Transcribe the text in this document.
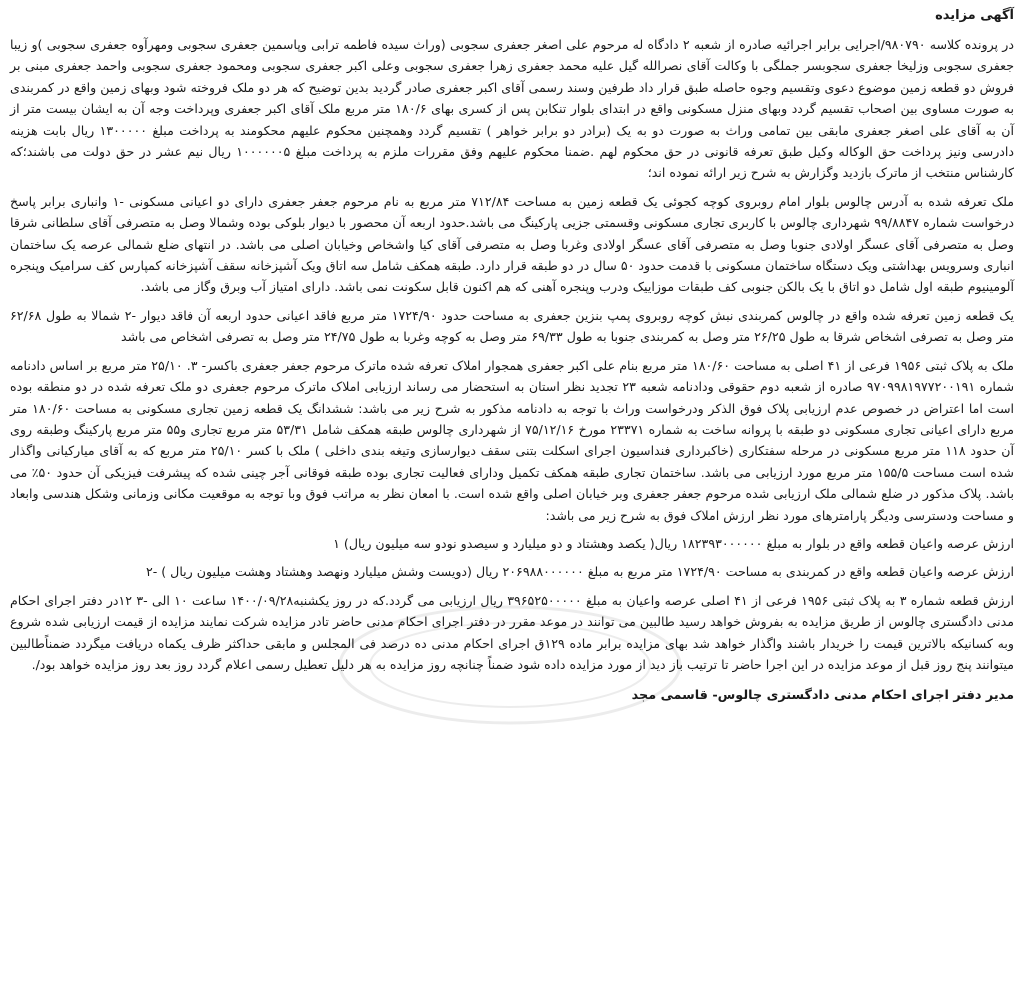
آگهی مزایده

در پرونده کلاسه ۹۸۰۷۹۰/اجرایی برابر اجرائیه صادره از شعبه ۲ دادگاه له مرحوم علی اصغر جعفری سجوبی (وراث سیده فاطمه ترابی وپاسمین جعفری سجوبی ومهرآوه جعفری سجوبی )و زیبا جعفری سجوبی وزلیخا جعفری سجوبسر جملگی با وکالت آقای نصرالله گیل علیه محمد جعفری زهرا جعفری سجوبی وعلی اکبر جعفری سجوبی ومحمود جعفری سجوبی واحمد جعفری مبنی بر فروش دو قطعه زمین موضوع دعوی وتقسیم وجوه حاصله طبق قرار داد طرفین وسند رسمی آقای اکبر جعفری صادر گردید بدین توضیح که هر دو ملک فروخته شود وبهای زمین واقع در کمربندی به صورت مساوی بین اصحاب تقسیم گردد وبهای منزل مسکونی واقع در ابتدای بلوار تنکابن پس از کسری بهای ۱۸۰/۶ متر مربع ملک آقای اکبر جعفری وپرداخت وجه آن به ایشان بیست متر از آن به آقای علی اصغر جعفری مابقی بین تمامی وراث به صورت دو به یک (برادر دو برابر خواهر ) تقسیم گردد وهمچنین محکوم علیهم محکومند به پرداخت مبلغ ۱۳۰۰۰۰۰ ریال بابت هزینه دادرسی ونیز پرداخت حق الوکاله وکیل طبق تعرفه قانونی در حق محکوم لهم .ضمنا محکوم علیهم وفق مقررات ملزم به پرداخت مبلغ ۱۰۰۰۰۰۰۵ ریال نیم عشر در حق دولت می باشند؛که کارشناس منتخب از ماترک بازدید وگزارش به شرح زیر ارائه نموده اند؛

ملک تعرفه شده به آدرس چالوس بلوار امام روبروی کوچه کجوئی یک قطعه زمین به مساحت ۷۱۲/۸۴ متر مربع به نام مرحوم جعفر جعفری دارای دو اعیانی مسکونی -۱ وانباری برابر پاسخ درخواست شماره ۹۹/۸۸۴۷ شهرداری چالوس با کاربری تجاری مسکونی وقسمتی جزیی پارکینگ می باشد.حدود اربعه آن محصور با دیوار بلوکی بوده وشمالا وصل به متصرفی آقای سلطانی شرقا وصل به متصرفی آقای عسگر اولادی جنوبا وصل به متصرفی آقای عسگر اولادی وغربا وصل به متصرفی آقای کیا واشخاص وخیابان اصلی می باشد. در انتهای ضلع شمالی عرصه یک ساختمان انباری وسرویس بهداشتی ویک دستگاه ساختمان مسکونی با قدمت حدود ۵۰ سال در دو طبقه قرار دارد. طبقه همکف شامل سه اتاق ویک آشپزخانه سقف آشپزخانه کمپارس کف سرامیک وپنجره آلومینیوم طبقه اول شامل دو اتاق با یک بالکن جنوبی کف طبقات موزاییک ودرب وپنجره آهنی که هم اکنون قابل سکونت نمی باشد. دارای امتیاز آب وبرق وگاز می باشد.

یک قطعه زمین تعرفه شده واقع در چالوس کمربندی نبش کوچه روبروی پمپ بنزین جعفری به مساحت حدود ۱۷۲۴/۹۰ متر مربع فاقد اعیانی حدود اربعه آن فاقد دیوار -۲ شمالا به طول ۶۲/۶۸ متر وصل به تصرفی اشخاص شرقا به طول ۲۶/۲۵ متر وصل به کمربندی جنوبا به طول ۶۹/۳۳ متر وصل به کوچه وغربا به طول ۲۴/۷۵ متر وصل به تصرفی اشخاص می باشد

ملک به پلاک ثبتی ۱۹۵۶ فرعی از ۴۱ اصلی به مساحت ۱۸۰/۶۰ متر مربع بنام علی اکبر جعفری همجوار املاک تعرفه شده ماترک مرحوم جعفر جعفری باکسر- ۳. ۲۵/۱۰ متر مربع بر اساس دادنامه شماره ۹۷۰۹۹۸۱۹۷۷۲۰۰۱۹۱ صادره از شعبه دوم حقوقی ودادنامه شعبه ۲۳ تجدید نظر استان به استحضار می رساند ارزیابی املاک ماترک مرحوم جعفری دو ملک تعرفه شده در دو منطقه بوده است اما اعتراض در خصوص عدم ارزیابی پلاک فوق الذکر ودرخواست وراث با توجه به دادنامه مذکور به شرح زیر می باشد: ششدانگ یک قطعه زمین تجاری مسکونی به مساحت ۱۸۰/۶۰ متر مربع دارای اعیانی تجاری مسکونی دو طبقه با پروانه ساخت به شماره ۲۳۳۷۱ مورخ ۷۵/۱۲/۱۶ از شهرداری چالوس طبقه همکف شامل ۵۳/۳۱ متر مربع تجاری و۵۵ متر مربع پارکینگ وطبقه روی آن حدود ۱۱۸ متر مربع مسکونی در مرحله سفتکاری (خاکبرداری فنداسیون اجرای اسکلت بتنی سقف دیوارسازی وتیغه بندی داخلی ) ملک با کسر ۲۵/۱۰ متر مربع که به آقای میارکیانی واگذار شده است مساحت ۱۵۵/۵ متر مربع مورد ارزیابی می باشد. ساختمان تجاری طبقه همکف تکمیل ودارای فعالیت تجاری بوده طبقه فوقانی آجر چینی شده که پیشرفت فیزیکی آن حدود ۵۰٪ می باشد. پلاک مذکور در ضلع شمالی ملک ارزیابی شده مرحوم جعفر جعفری وبر خیابان اصلی واقع شده است. با امعان نظر به مراتب فوق وبا توجه به موقعیت مکانی وزمانی وشکل هندسی وابعاد و مساحت ودسترسی ودیگر پارامترهای مورد نظر ارزش املاک فوق به شرح زیر می باشد:

ارزش عرصه واعیان قطعه واقع در بلوار به مبلغ ۱۸۲۳۹۳۰۰۰۰۰۰ ریال( یکصد وهشتاد و دو میلیارد و سیصدو نودو سه میلیون ریال) ۱

ارزش عرصه واعیان قطعه واقع در کمربندی به مساحت ۱۷۲۴/۹۰ متر مربع به مبلغ ۲۰۶۹۸۸۰۰۰۰۰۰ ریال (دویست وشش میلیارد ونهصد وهشتاد وهشت میلیون ریال ) -۲

ارزش قطعه شماره ۳ به پلاک ثبتی ۱۹۵۶ فرعی از ۴۱ اصلی عرصه واعیان به مبلغ ۳۹۶۵۲۵۰۰۰۰۰ ریال ارزیابی می گردد.که در روز یکشنبه۱۴۰۰/۰۹/۲۸ ساعت ۱۰ الی -۳ ۱۲در دفتر اجرای احکام مدنی دادگستری چالوس از طریق مزایده به بفروش خواهد رسید طالبین می توانند در موعد مقرر در دفتر اجرای احکام مدنی حاضر تادر مزایده شرکت نمایند مزایده از قیمت ارزیابی شده شروع وبه کسانیکه بالاترین قیمت را خریدار باشند واگذار خواهد شد بهای مزایده برابر ماده ۱۲۹ق اجرای احکام مدنی ده درصد فی المجلس و مابقی حداکثر ظرف یکماه دریافت میگردد ضمناًطالبین میتوانند پنج روز قبل از موعد مزایده در این اجرا حاضر تا ترتیب باز دید از مورد مزایده داده شود ضمناً چنانچه روز مزایده به هر دلیل تعطیل رسمی اعلام گردد روز بعد روز مزایده خواهد بود/.

مدیر دفتر اجرای احکام مدنی دادگستری چالوس- قاسمی مجد
